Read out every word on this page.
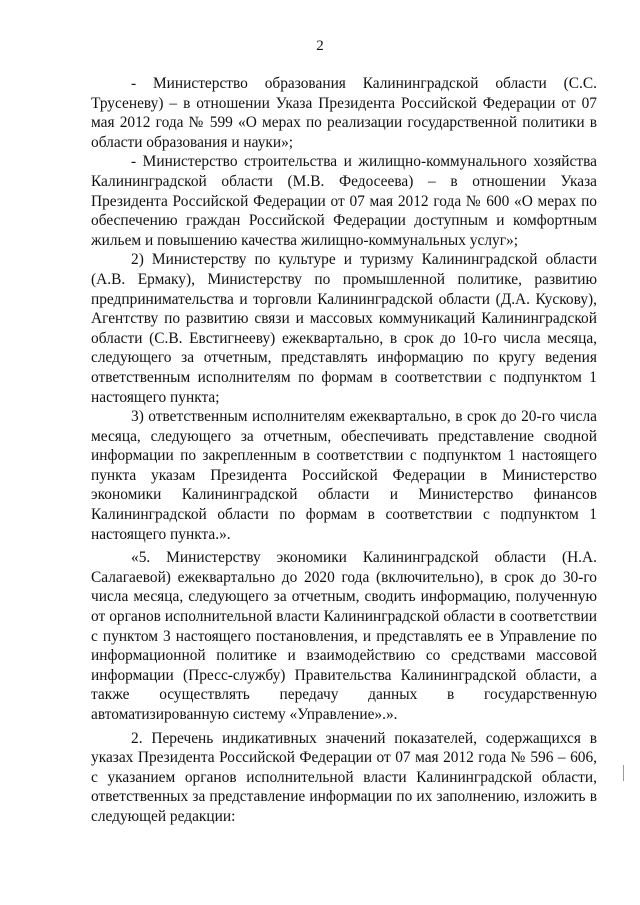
2

- Министерство образования Калининградской области (С.С. Трусеневу) – в отношении Указа Президента Российской Федерации от 07 мая 2012 года № 599 «О мерах по реализации государственной политики в области образования и науки»;

- Министерство строительства и жилищно-коммунального хозяйства Калининградской области (М.В. Федосеева) – в отношении Указа Президента Российской Федерации от 07 мая 2012 года № 600 «О мерах по обеспечению граждан Российской Федерации доступным и комфортным жильем и повышению качества жилищно-коммунальных услуг»;

2) Министерству по культуре и туризму Калининградской области (А.В. Ермаку), Министерству по промышленной политике, развитию предпринимательства и торговли Калининградской области (Д.А. Кускову), Агентству по развитию связи и массовых коммуникаций Калининградской области (С.В. Евстигнееву) ежеквартально, в срок до 10-го числа месяца, следующего за отчетным, представлять информацию по кругу ведения ответственным исполнителям по формам в соответствии с подпунктом 1 настоящего пункта;

3) ответственным исполнителям ежеквартально, в срок до 20-го числа месяца, следующего за отчетным, обеспечивать представление сводной информации по закрепленным в соответствии с подпунктом 1 настоящего пункта указам Президента Российской Федерации в Министерство экономики Калининградской области и Министерство финансов Калининградской области по формам в соответствии с подпунктом 1 настоящего пункта.».

«5. Министерству экономики Калининградской области (Н.А. Салагаевой) ежеквартально до 2020 года (включительно), в срок до 30-го числа месяца, следующего за отчетным, сводить информацию, полученную от органов исполнительной власти Калининградской области в соответствии с пунктом 3 настоящего постановления, и представлять ее в Управление по информационной политике и взаимодействию со средствами массовой информации (Пресс-службу) Правительства Калининградской области, а также осуществлять передачу данных в государственную автоматизированную систему «Управление».».

2. Перечень индикативных значений показателей, содержащихся в указах Президента Российской Федерации от 07 мая 2012 года № 596 – 606, с указанием органов исполнительной власти Калининградской области, ответственных за представление информации по их заполнению, изложить в следующей редакции:
